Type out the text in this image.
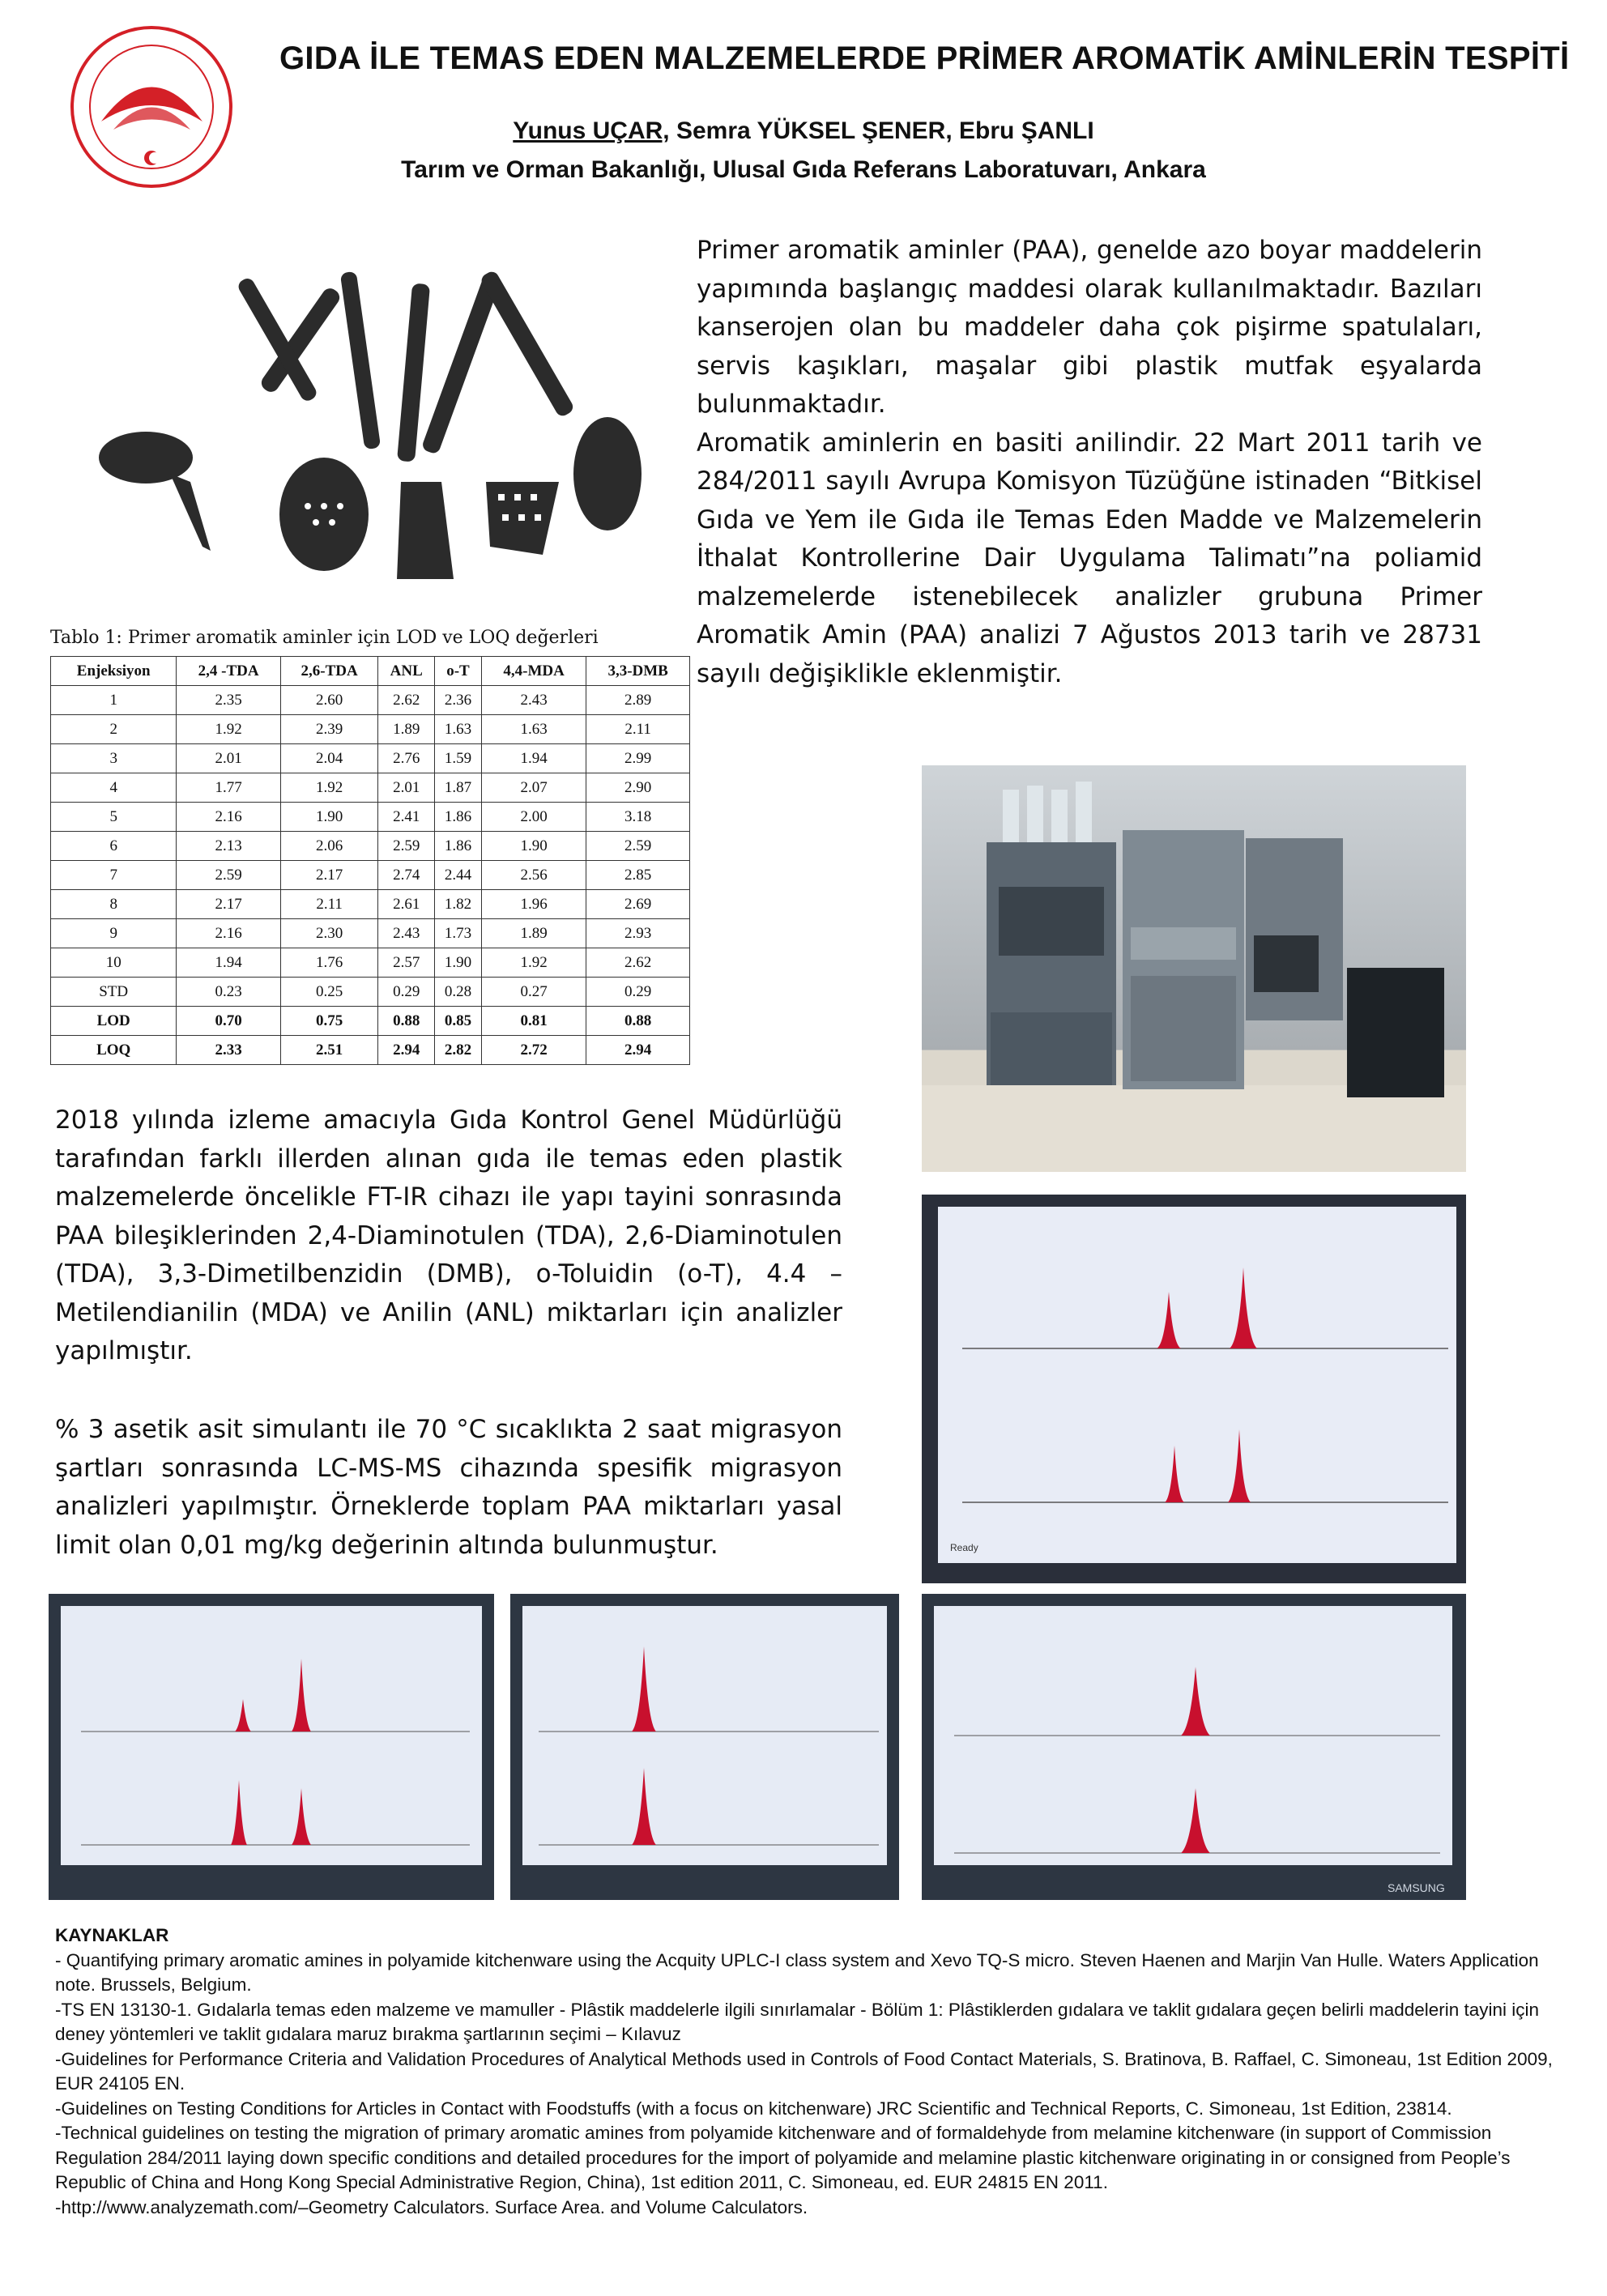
GIDA İLE TEMAS EDEN MALZEMELERDE PRİMER AROMATİK AMİNLERİN TESPİTİ
Yunus UÇAR, Semra YÜKSEL ŞENER, Ebru ŞANLI
Tarım ve Orman Bakanlığı, Ulusal Gıda Referans Laboratuvarı, Ankara
Primer aromatik aminler (PAA), genelde azo boyar maddelerin yapımında başlangıç maddesi olarak kullanılmaktadır. Bazıları kanserojen olan bu maddeler daha çok pişirme spatulaları, servis kaşıkları, maşalar gibi plastik mutfak eşyalarda bulunmaktadır.
Aromatik aminlerin en basiti anilindir. 22 Mart 2011 tarih ve 284/2011 sayılı Avrupa Komisyon Tüzüğüne istinaden “Bitkisel Gıda ve Yem ile Gıda ile Temas Eden Madde ve Malzemelerin İthalat Kontrollerine Dair Uygulama Talimatı”na poliamid malzemelerde istenebilecek analizler grubuna Primer Aromatik Amin (PAA) analizi 7 Ağustos 2013 tarih ve 28731 sayılı değişiklikle eklenmiştir.
Tablo 1: Primer aromatik aminler için LOD ve LOQ değerleri
Enjeksiyon	2,4 -TDA	2,6-TDA	ANL	o-T	4,4-MDA	3,3-DMB
1	2.35	2.60	2.62	2.36	2.43	2.89
2	1.92	2.39	1.89	1.63	1.63	2.11
3	2.01	2.04	2.76	1.59	1.94	2.99
4	1.77	1.92	2.01	1.87	2.07	2.90
5	2.16	1.90	2.41	1.86	2.00	3.18
6	2.13	2.06	2.59	1.86	1.90	2.59
7	2.59	2.17	2.74	2.44	2.56	2.85
8	2.17	2.11	2.61	1.82	1.96	2.69
9	2.16	2.30	2.43	1.73	1.89	2.93
10	1.94	1.76	2.57	1.90	1.92	2.62
STD	0.23	0.25	0.29	0.28	0.27	0.29
LOD	0.70	0.75	0.88	0.85	0.81	0.88
LOQ	2.33	2.51	2.94	2.82	2.72	2.94
Ready
2018 yılında izleme amacıyla Gıda Kontrol Genel Müdürlüğü tarafından farklı illerden alınan gıda ile temas eden plastik malzemelerde öncelikle FT-IR cihazı ile yapı tayini sonrasında PAA bileşiklerinden 2,4-Diaminotulen (TDA), 2,6-Diaminotulen (TDA), 3,3-Dimetilbenzidin (DMB), o-Toluidin (o-T), 4.4 –Metilendianilin (MDA) ve Anilin (ANL) miktarları için analizler yapılmıştır.
% 3 asetik asit simulantı ile 70 °C sıcaklıkta 2 saat migrasyon şartları sonrasında LC-MS-MS cihazında spesifik migrasyon analizleri yapılmıştır. Örneklerde toplam PAA miktarları yasal limit olan 0,01 mg/kg değerinin altında bulunmuştur.
SAMSUNG
KAYNAKLAR

- Quantifying primary aromatic amines in polyamide kitchenware using the Acquity UPLC-I class system and Xevo TQ-S micro. Steven Haenen and Marjin Van Hulle. Waters Application note. Brussels, Belgium.

-TS EN 13130-1. Gıdalarla temas eden malzeme ve mamuller - Plâstik maddelerle ilgili sınırlamalar - Bölüm 1: Plâstiklerden gıdalara ve taklit gıdalara geçen belirli maddelerin tayini için deney yöntemleri ve taklit gıdalara maruz bırakma şartlarının seçimi – Kılavuz

-Guidelines for Performance Criteria and Validation Procedures of Analytical Methods used in Controls of Food Contact Materials, S. Bratinova, B. Raffael, C. Simoneau, 1st Edition 2009, EUR 24105 EN.

-Guidelines on Testing Conditions for Articles in Contact with Foodstuffs (with a focus on kitchenware) JRC Scientific and Technical Reports, C. Simoneau, 1st Edition, 23814.

-Technical guidelines on testing the migration of primary aromatic amines from polyamide kitchenware and of formaldehyde from melamine kitchenware (in support of Commission Regulation 284/2011 laying down specific conditions and detailed procedures for the import of polyamide and melamine plastic kitchenware originating in or consigned from People’s Republic of China and Hong Kong Special Administrative Region, China), 1st edition 2011, C. Simoneau, ed. EUR 24815 EN 2011.

-http://www.analyzemath.com/–Geometry Calculators. Surface Area. and Volume Calculators.
